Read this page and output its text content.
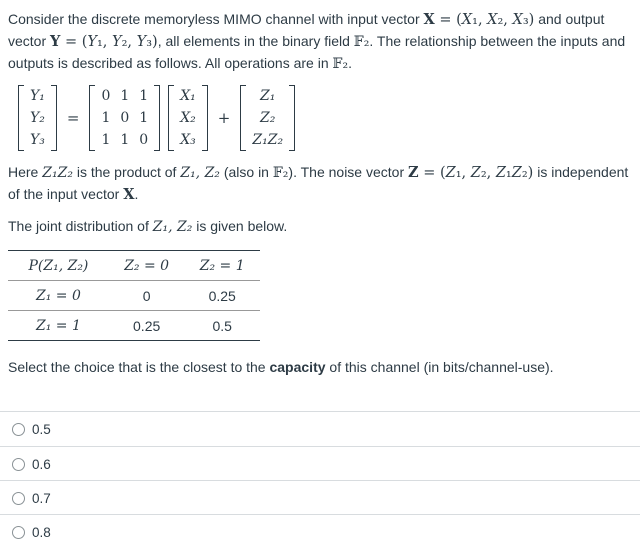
Consider the discrete memoryless MIMO channel with input vector X = (X₁, X₂, X₃) and output vector Y = (Y₁, Y₂, Y₃), all elements in the binary field 𝔽₂. The relationship between the inputs and outputs is described as follows. All operations are in 𝔽₂.
Y₁
Y₂
Y₃
=
0	1	1
1	0	1
1	1	0
X₁
X₂
X₃
+
Z₁
Z₂
Z₁Z₂
Here Z₁Z₂ is the product of Z₁, Z₂ (also in 𝔽₂). The noise vector Z = (Z₁, Z₂, Z₁Z₂) is independent of the input vector X.
The joint distribution of Z₁, Z₂ is given below.
P(Z₁, Z₂)	Z₂ = 0	Z₂ = 1
Z₁ = 0	0	0.25
Z₁ = 1	0.25	0.5
Select the choice that is the closest to the capacity of this channel (in bits/channel-use).
0.5
0.6
0.7
0.8
